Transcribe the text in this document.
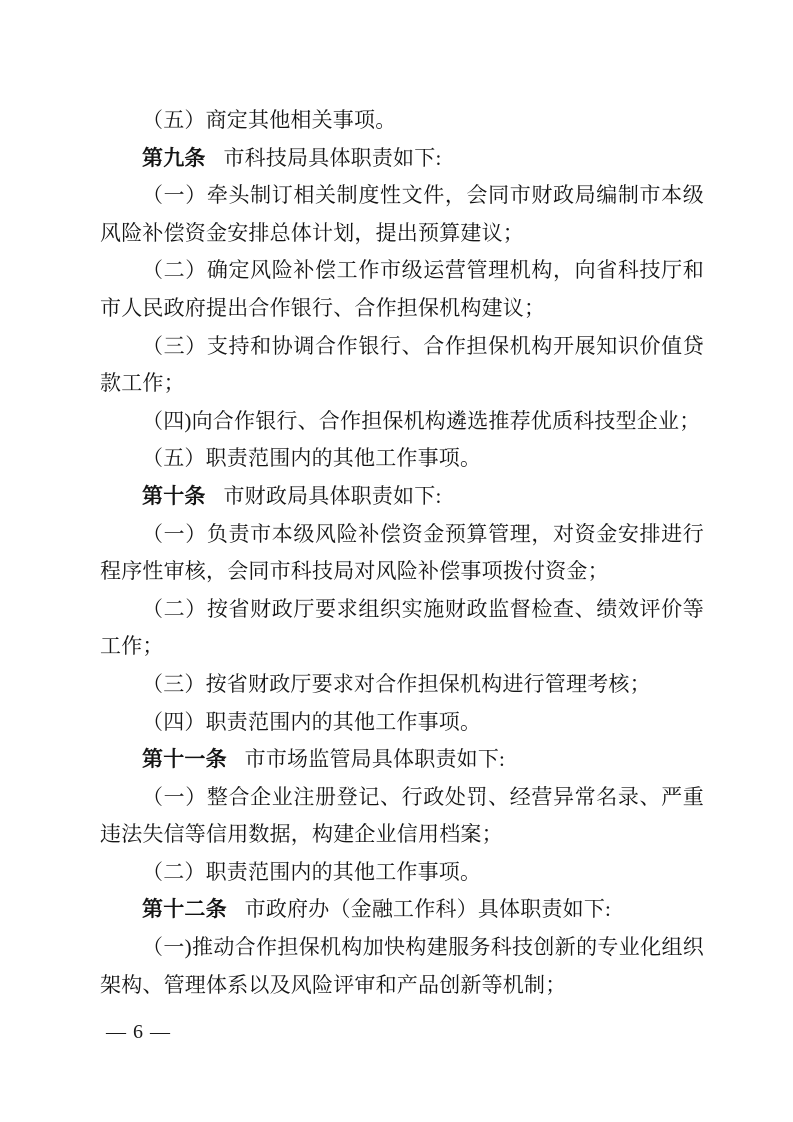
（五）商定其他相关事项。

第九条 市科技局具体职责如下:

（一）牵头制订相关制度性文件，会同市财政局编制市本级风险补偿资金安排总体计划，提出预算建议；

（二）确定风险补偿工作市级运营管理机构，向省科技厅和市人民政府提出合作银行、合作担保机构建议；

（三）支持和协调合作银行、合作担保机构开展知识价值贷款工作；

（四)向合作银行、合作担保机构遴选推荐优质科技型企业；

（五）职责范围内的其他工作事项。

第十条 市财政局具体职责如下:

（一）负责市本级风险补偿资金预算管理，对资金安排进行程序性审核，会同市科技局对风险补偿事项拨付资金；

（二）按省财政厅要求组织实施财政监督检查、绩效评价等工作；

（三）按省财政厅要求对合作担保机构进行管理考核；

（四）职责范围内的其他工作事项。

第十一条 市市场监管局具体职责如下:

（一）整合企业注册登记、行政处罚、经营异常名录、严重违法失信等信用数据，构建企业信用档案；

（二）职责范围内的其他工作事项。

第十二条 市政府办（金融工作科）具体职责如下:

（一)推动合作担保机构加快构建服务科技创新的专业化组织架构、管理体系以及风险评审和产品创新等机制；

— 6 —
